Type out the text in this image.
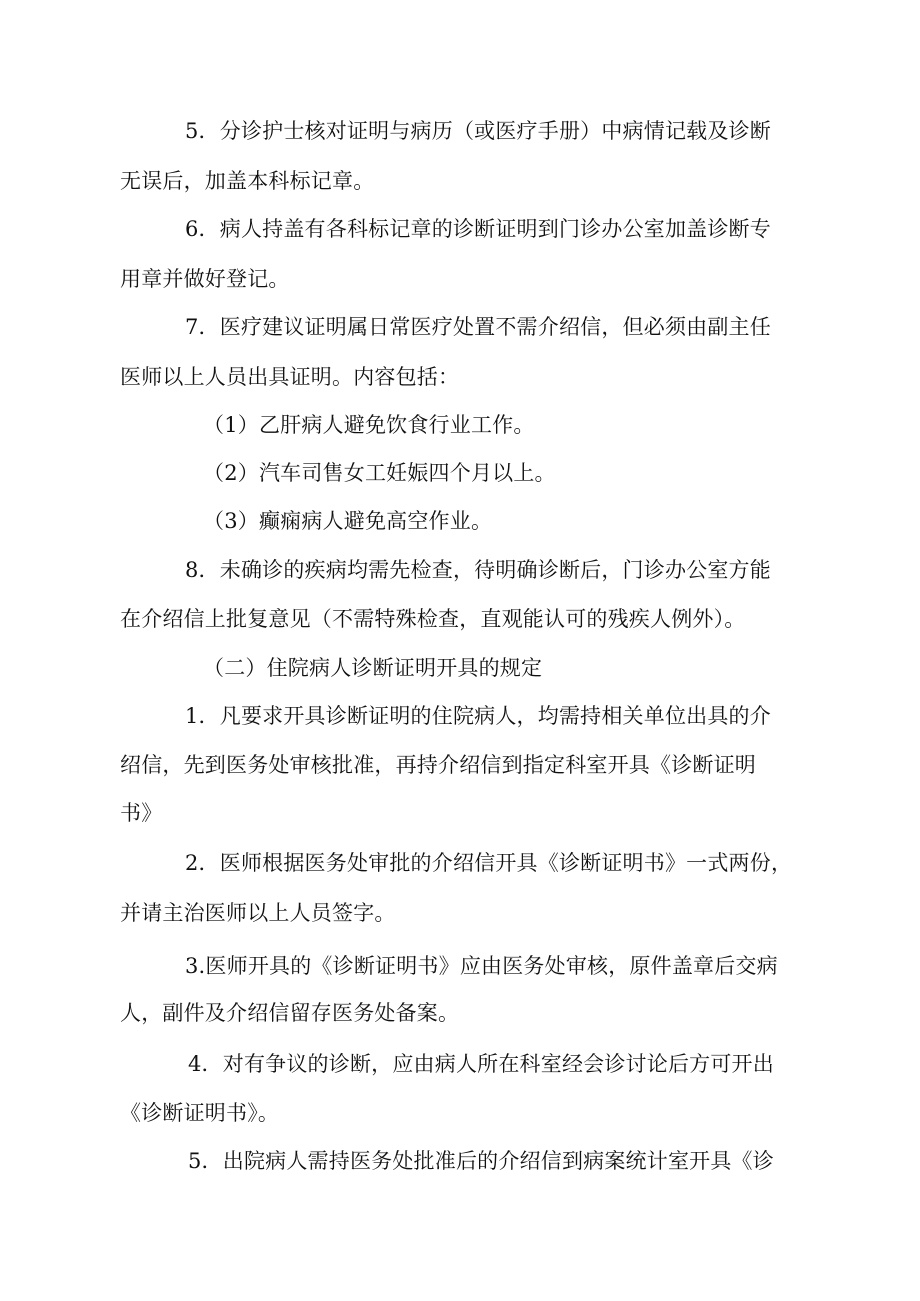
5．分诊护士核对证明与病历（或医疗手册）中病情记载及诊断
无误后，加盖本科标记章。
6．病人持盖有各科标记章的诊断证明到门诊办公室加盖诊断专
用章并做好登记。
7．医疗建议证明属日常医疗处置不需介绍信，但必须由副主任
医师以上人员出具证明。内容包括：
（1）乙肝病人避免饮食行业工作。
（2）汽车司售女工妊娠四个月以上。
（3）癫痫病人避免高空作业。
8．未确诊的疾病均需先检查，待明确诊断后，门诊办公室方能
在介绍信上批复意见（不需特殊检查，直观能认可的残疾人例外）。
（二）住院病人诊断证明开具的规定
1．凡要求开具诊断证明的住院病人，均需持相关单位出具的介
绍信，先到医务处审核批准，再持介绍信到指定科室开具《诊断证明
书》
2．医师根据医务处审批的介绍信开具《诊断证明书》一式两份，
并请主治医师以上人员签字。
3.医师开具的《诊断证明书》应由医务处审核，原件盖章后交病
人，副件及介绍信留存医务处备案。
4．对有争议的诊断，应由病人所在科室经会诊讨论后方可开出
《诊断证明书》。
5．出院病人需持医务处批准后的介绍信到病案统计室开具《诊
